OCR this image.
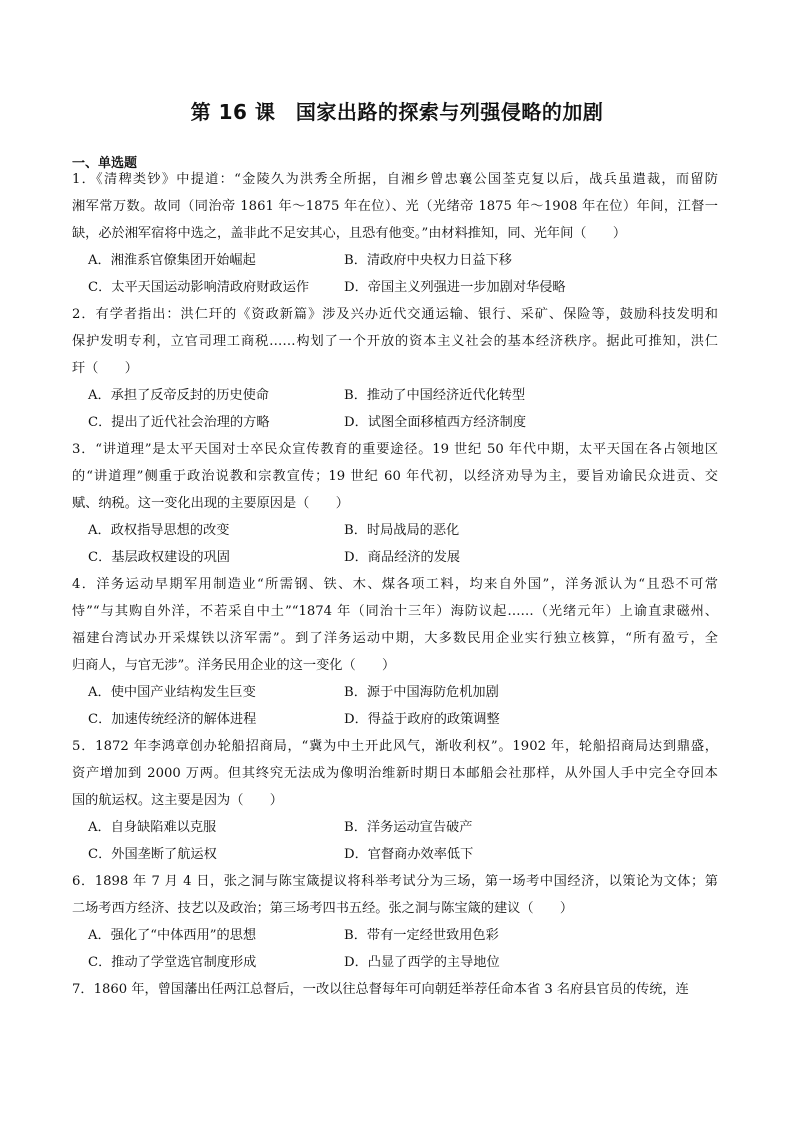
第 16 课　国家出路的探索与列强侵略的加剧
一、单选题
1．《清稗类钞》中提道：“金陵久为洪秀全所据，自湘乡曾忠襄公国荃克复以后，战兵虽遣裁，而留防
湘军常万数。故同（同治帝 1861 年～1875 年在位）、光（光绪帝 1875 年～1908 年在位）年间，江督一
缺，必於湘军宿将中选之，盖非此不足安其心，且恐有他变。”由材料推知，同、光年间（　　）
A．湘淮系官僚集团开始崛起	B．清政府中央权力日益下移
C．太平天国运动影响清政府财政运作	D．帝国主义列强进一步加剧对华侵略
2．有学者指出：洪仁玕的《资政新篇》涉及兴办近代交通运输、银行、采矿、保险等，鼓励科技发明和
保护发明专利，立官司理工商税……构划了一个开放的资本主义社会的基本经济秩序。据此可推知，洪仁
玕（　　）
A．承担了反帝反封的历史使命	B．推动了中国经济近代化转型
C．提出了近代社会治理的方略	D．试图全面移植西方经济制度
3．“讲道理”是太平天国对士卒民众宣传教育的重要途径。19 世纪 50 年代中期，太平天国在各占领地区
的“讲道理”侧重于政治说教和宗教宣传；19 世纪 60 年代初，以经济劝导为主，要旨劝谕民众进贡、交
赋、纳税。这一变化出现的主要原因是（　　）
A．政权指导思想的改变	B．时局战局的恶化
C．基层政权建设的巩固	D．商品经济的发展
4．洋务运动早期军用制造业“所需钢、铁、木、煤各项工料，均来自外国”，洋务派认为“且恐不可常
恃”“与其购自外洋，不若采自中土”“1874 年（同治十三年）海防议起……（光绪元年）上谕直隶磁州、
福建台湾试办开采煤铁以济军需”。到了洋务运动中期，大多数民用企业实行独立核算，“所有盈亏，全
归商人，与官无涉”。洋务民用企业的这一变化（　　）
A．使中国产业结构发生巨变	B．源于中国海防危机加剧
C．加速传统经济的解体进程	D．得益于政府的政策调整
5．1872 年李鸿章创办轮船招商局，“冀为中土开此风气，渐收利权”。1902 年，轮船招商局达到鼎盛，
资产增加到 2000 万两。但其终究无法成为像明治维新时期日本邮船会社那样，从外国人手中完全夺回本
国的航运权。这主要是因为（　　）
A．自身缺陷难以克服	B．洋务运动宣告破产
C．外国垄断了航运权	D．官督商办效率低下
6．1898 年 7 月 4 日，张之洞与陈宝箴提议将科举考试分为三场，第一场考中国经济，以策论为文体；第
二场考西方经济、技艺以及政治；第三场考四书五经。张之洞与陈宝箴的建议（　　）
A．强化了“中体西用”的思想	B．带有一定经世致用色彩
C．推动了学堂选官制度形成	D．凸显了西学的主导地位
7．1860 年，曾国藩出任两江总督后，一改以往总督每年可向朝廷举荐任命本省 3 名府县官员的传统，连
